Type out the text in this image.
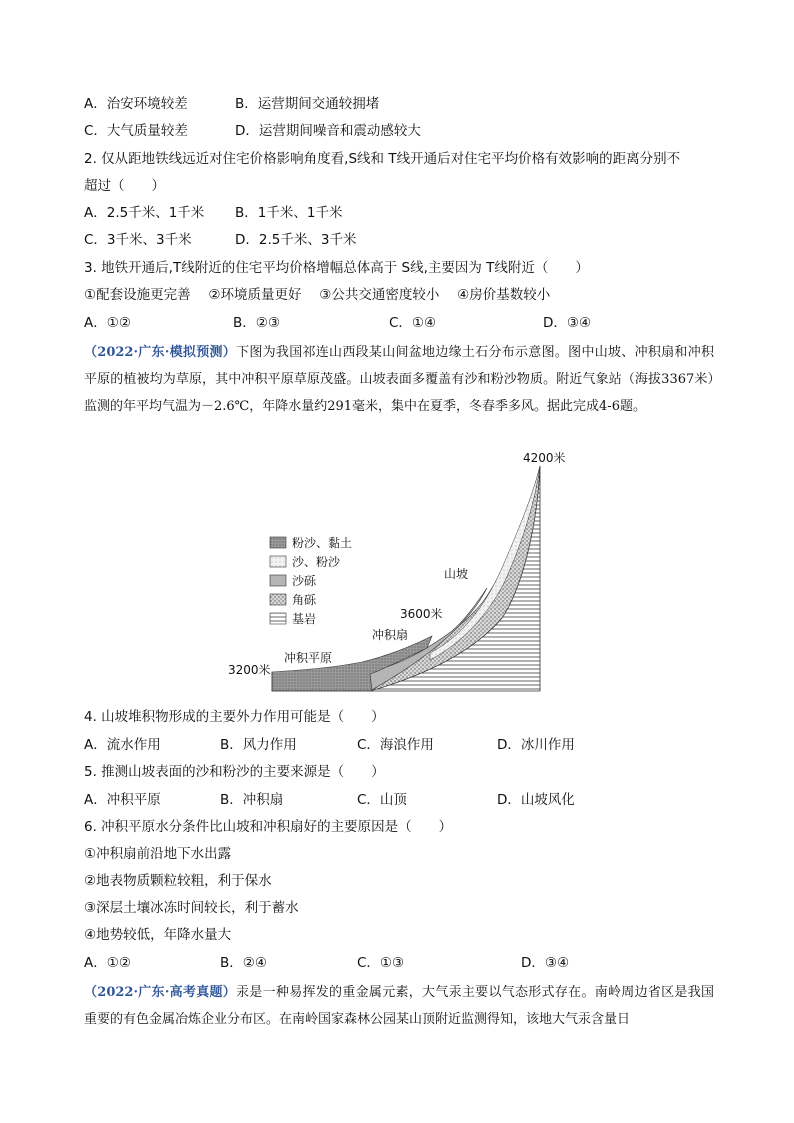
A．治安环境较差	B．运营期间交通较拥堵
C．大气质量较差	D．运营期间噪音和震动感较大
2. 仅从距地铁线远近对住宅价格影响角度看,S线和 T线开通后对住宅平均价格有效影响的距离分别不
超过（　　）
A．2.5千米、1千米 B．1千米、1千米
C．3千米、3千米	D．2.5千米、3千米
3. 地铁开通后,T线附近的住宅平均价格增幅总体高于 S线,主要因为 T线附近（　　）
①配套设施更完善　 ②环境质量更好　 ③公共交通密度较小　 ④房价基数较小
A．①②	B．②③	C．①④	D．③④
（2022·广东·模拟预测）下图为我国祁连山西段某山间盆地边缘土石分布示意图。图中山坡、冲积扇和冲积平原的植被均为草原，其中冲积平原草原茂盛。山坡表面多覆盖有沙和粉沙物质。附近气象站（海拔3367米）监测的年平均气温为－2.6℃，年降水量约291毫米，集中在夏季，冬春季多风。据此完成4-6题。
粉沙、黏土
沙、粉沙
沙砾
角砾
基岩
4200米
3600米
3200米
山坡
冲积扇
冲积平原
4. 山坡堆积物形成的主要外力作用可能是（　　）
A．流水作用	B．风力作用	C．海浪作用	D．冰川作用
5. 推测山坡表面的沙和粉沙的主要来源是（　　）
A．冲积平原	B．冲积扇	C．山顶	D．山坡风化
6. 冲积平原水分条件比山坡和冲积扇好的主要原因是（　　）
①冲积扇前沿地下水出露
②地表物质颗粒较粗，利于保水
③深层土壤冰冻时间较长，利于蓄水
④地势较低，年降水量大
A．①②	B．②④	C．①③	D．③④
（2022·广东·高考真题）汞是一种易挥发的重金属元素，大气汞主要以气态形式存在。南岭周边省区是我国重要的有色金属冶炼企业分布区。在南岭国家森林公园某山顶附近监测得知，该地大气汞含量日
